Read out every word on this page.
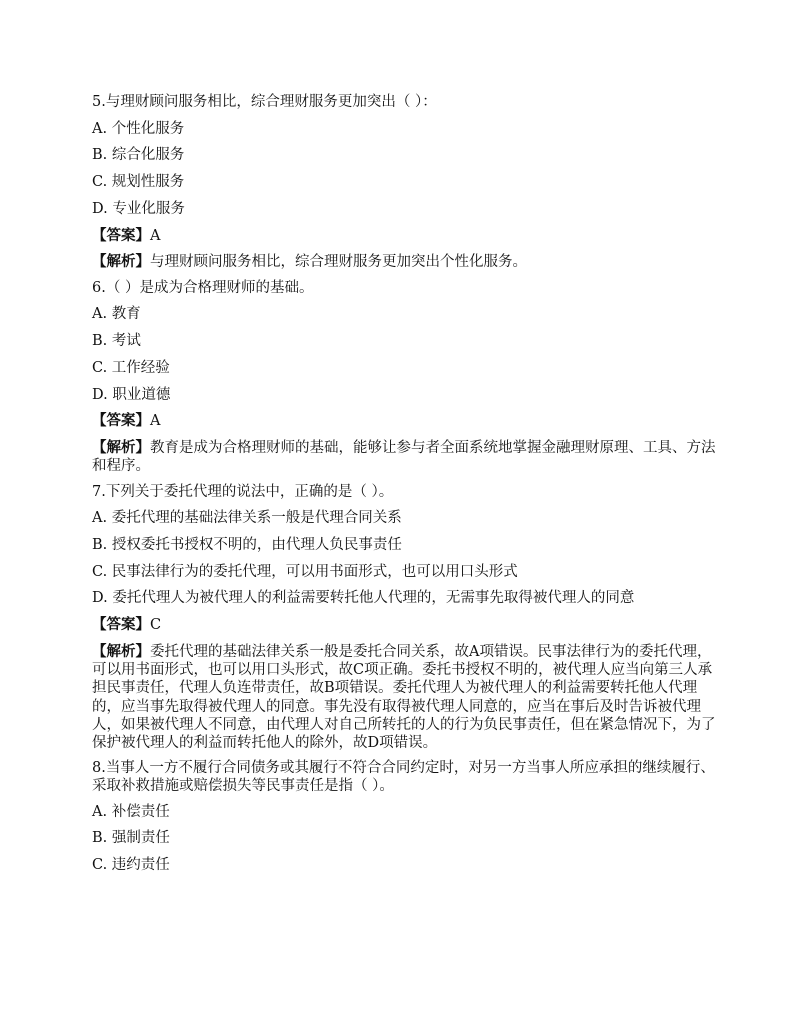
5.与理财顾问服务相比，综合理财服务更加突出（ ）：
A. 个性化服务
B. 综合化服务
C. 规划性服务
D. 专业化服务
【答案】A
【解析】与理财顾问服务相比，综合理财服务更加突出个性化服务。
6.（ ）是成为合格理财师的基础。
A. 教育
B. 考试
C. 工作经验
D. 职业道德
【答案】A
【解析】教育是成为合格理财师的基础，能够让参与者全面系统地掌握金融理财原理、工具、方法和程序。
7.下列关于委托代理的说法中，正确的是（ ）。
A. 委托代理的基础法律关系一般是代理合同关系
B. 授权委托书授权不明的，由代理人负民事责任
C. 民事法律行为的委托代理，可以用书面形式，也可以用口头形式
D. 委托代理人为被代理人的利益需要转托他人代理的，无需事先取得被代理人的同意
【答案】C
【解析】委托代理的基础法律关系一般是委托合同关系，故A项错误。民事法律行为的委托代理，可以用书面形式，也可以用口头形式，故C项正确。委托书授权不明的，被代理人应当向第三人承担民事责任，代理人负连带责任，故B项错误。委托代理人为被代理人的利益需要转托他人代理的，应当事先取得被代理人的同意。事先没有取得被代理人同意的，应当在事后及时告诉被代理人，如果被代理人不同意，由代理人对自己所转托的人的行为负民事责任，但在紧急情况下，为了保护被代理人的利益而转托他人的除外，故D项错误。
8.当事人一方不履行合同债务或其履行不符合合同约定时，对另一方当事人所应承担的继续履行、采取补救措施或赔偿损失等民事责任是指（ ）。
A. 补偿责任
B. 强制责任
C. 违约责任
